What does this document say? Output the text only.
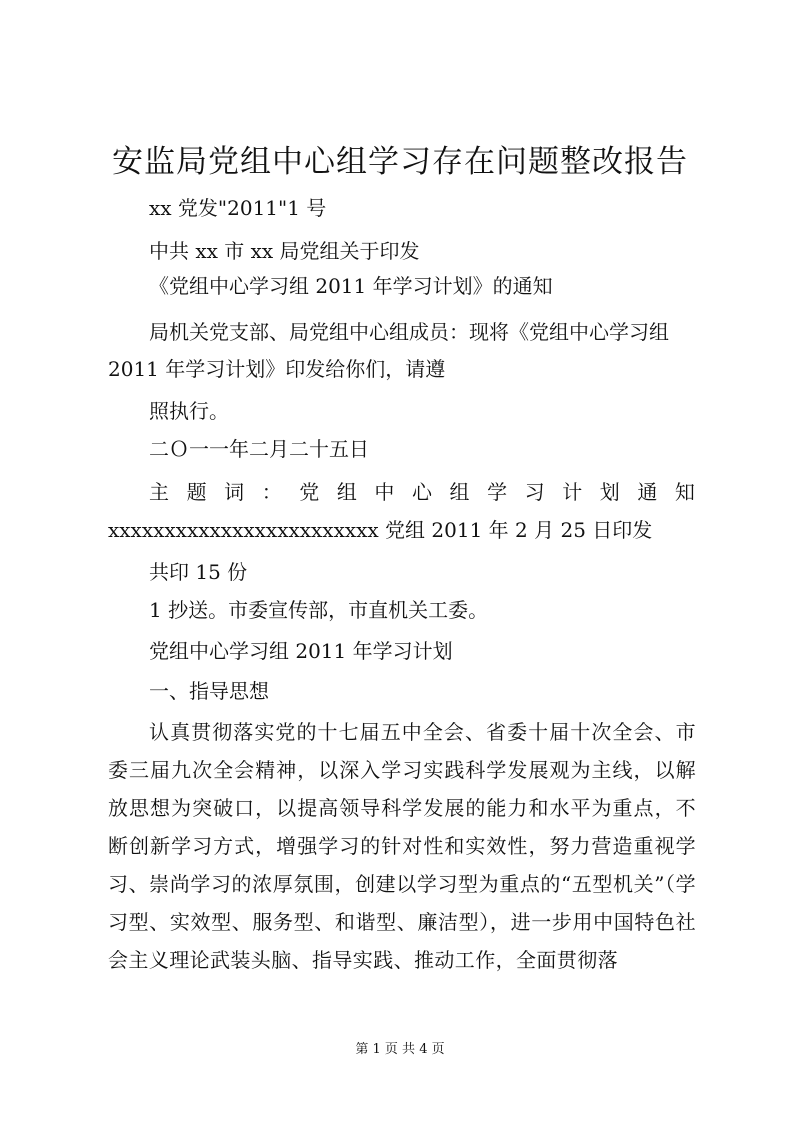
安监局党组中心组学习存在问题整改报告
xx 党发"2011"1 号
中共 xx 市 xx 局党组关于印发
《党组中心学习组 2011 年学习计划》的通知
局机关党支部、局党组中心组成员：现将《党组中心学习组
2011 年学习计划》印发给你们，请遵
照执行。
二Ｏ一一年二月二十五日
主 题 词 ： 党 组 中 心 组 学 习 计 划 通 知
xxxxxxxxxxxxxxxxxxxxxxxx 党组 2011 年 2 月 25 日印发
共印 15 份
1 抄送。市委宣传部，市直机关工委。
党组中心学习组 2011 年学习计划
一、指导思想
认真贯彻落实党的十七届五中全会、省委十届十次全会、市委三届九次全会精神，以深入学习实践科学发展观为主线，以解放思想为突破口，以提高领导科学发展的能力和水平为重点，不断创新学习方式，增强学习的针对性和实效性，努力营造重视学习、崇尚学习的浓厚氛围，创建以学习型为重点的“五型机关”（学习型、实效型、服务型、和谐型、廉洁型），进一步用中国特色社会主义理论武装头脑、指导实践、推动工作，全面贯彻落
第 1 页 共 4 页
